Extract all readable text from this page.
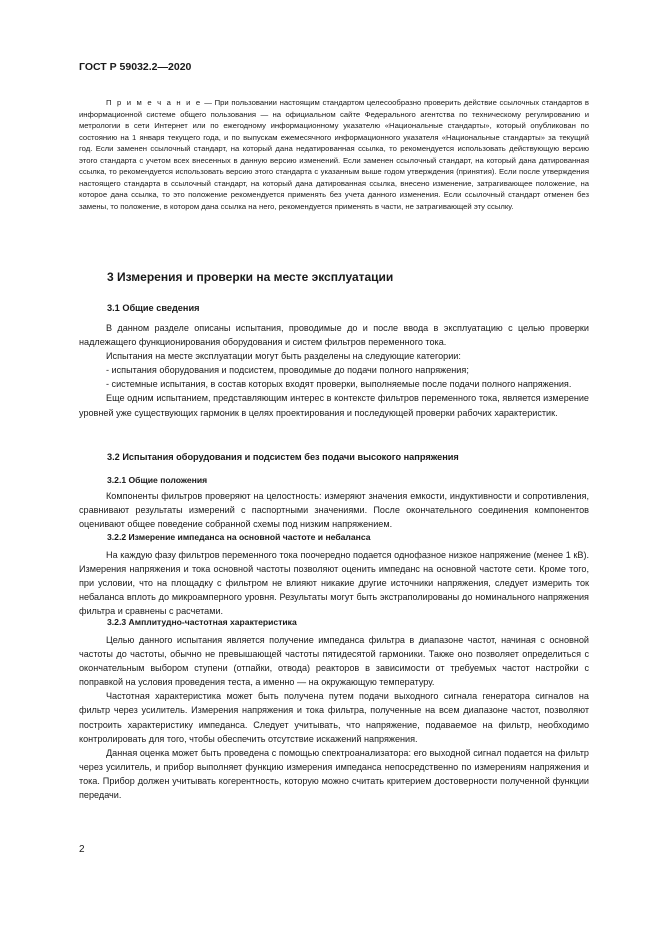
ГОСТ Р 59032.2—2020

П р и м е ч а н и е — При пользовании настоящим стандартом целесообразно проверить действие ссылочных стандартов в информационной системе общего пользования — на официальном сайте Федерального агентства по техническому регулированию и метрологии в сети Интернет или по ежегодному информационному указателю «Национальные стандарты», который опубликован по состоянию на 1 января текущего года, и по выпускам ежемесячного информационного указателя «Национальные стандарты» за текущий год. Если заменен ссылочный стандарт, на который дана недатированная ссылка, то рекомендуется использовать действующую версию этого стандарта с учетом всех внесенных в данную версию изменений. Если заменен ссылочный стандарт, на который дана датированная ссылка, то рекомендуется использовать версию этого стандарта с указанным выше годом утверждения (принятия). Если после утверждения настоящего стандарта в ссылочный стандарт, на который дана датированная ссылка, внесено изменение, затрагивающее положение, на которое дана ссылка, то это положение рекомендуется применять без учета данного изменения. Если ссылочный стандарт отменен без замены, то положение, в котором дана ссылка на него, рекомендуется применять в части, не затрагивающей эту ссылку.

3 Измерения и проверки на месте эксплуатации
3.1 Общие сведения

В данном разделе описаны испытания, проводимые до и после ввода в эксплуатацию с целью проверки надлежащего функционирования оборудования и систем фильтров переменного тока.

Испытания на месте эксплуатации могут быть разделены на следующие категории:

- испытания оборудования и подсистем, проводимые до подачи полного напряжения;

- системные испытания, в состав которых входят проверки, выполняемые после подачи полного напряжения.

Еще одним испытанием, представляющим интерес в контексте фильтров переменного тока, является измерение уровней уже существующих гармоник в целях проектирования и последующей проверки рабочих характеристик.

3.2 Испытания оборудования и подсистем без подачи высокого напряжения
3.2.1 Общие положения

Компоненты фильтров проверяют на целостность: измеряют значения емкости, индуктивности и сопротивления, сравнивают результаты измерений с паспортными значениями. После окончательного соединения компонентов оценивают общее поведение собранной схемы под низким напряжением.

3.2.2 Измерение импеданса на основной частоте и небаланса

На каждую фазу фильтров переменного тока поочередно подается однофазное низкое напряжение (менее 1 кВ). Измерения напряжения и тока основной частоты позволяют оценить импеданс на основной частоте сети. Кроме того, при условии, что на площадку с фильтром не влияют никакие другие источники напряжения, следует измерить ток небаланса вплоть до микроамперного уровня. Результаты могут быть экстраполированы до номинального напряжения фильтра и сравнены с расчетами.

3.2.3 Амплитудно-частотная характеристика

Целью данного испытания является получение импеданса фильтра в диапазоне частот, начиная с основной частоты до частоты, обычно не превышающей частоты пятидесятой гармоники. Также оно позволяет определиться с окончательным выбором ступени (отпайки, отвода) реакторов в зависимости от требуемых частот настройки с поправкой на условия проведения теста, а именно — на окружающую температуру.

Частотная характеристика может быть получена путем подачи выходного сигнала генератора сигналов на фильтр через усилитель. Измерения напряжения и тока фильтра, полученные на всем диапазоне частот, позволяют построить характеристику импеданса. Следует учитывать, что напряжение, подаваемое на фильтр, необходимо контролировать для того, чтобы обеспечить отсутствие искажений напряжения.

Данная оценка может быть проведена с помощью спектроанализатора: его выходной сигнал подается на фильтр через усилитель, и прибор выполняет функцию измерения импеданса непосредственно по измерениям напряжения и тока. Прибор должен учитывать когерентность, которую можно считать критерием достоверности полученной функции передачи.

2
